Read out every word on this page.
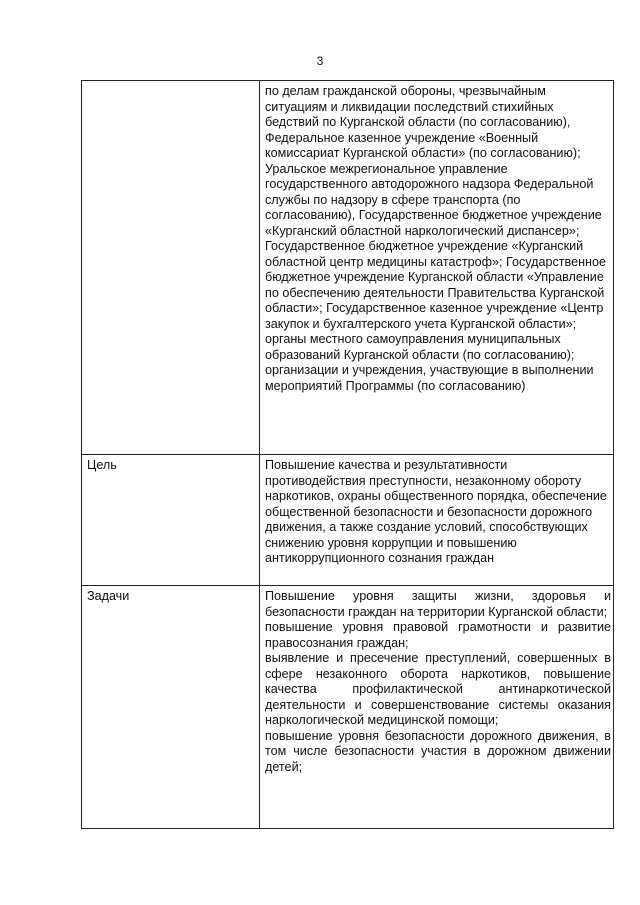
3

	по делам гражданской обороны, чрезвычайным ситуациям и ликвидации последствий стихийных бедствий по Курганской области (по согласованию), Федеральное казенное учреждение «Военный комиссариат Курганской области» (по согласованию); Уральское межрегиональное управление государственного автодорожного надзора Федеральной службы по надзору в сфере транспорта (по согласованию), Государственное бюджетное учреждение «Курганский областной наркологический диспансер»; Государственное бюджетное учреждение «Курганский областной центр медицины катастроф»; Государственное бюджетное учреждение Курганской области «Управление по обеспечению деятельности Правительства Курганской области»; Государственное казенное учреждение «Центр закупок и бухгалтерского учета Курганской области»; органы местного самоуправления муниципальных образований Курганской области (по согласованию); организации и учреждения, участвующие в выполнении мероприятий Программы (по согласованию)

Цель	Повышение качества и результативности противодействия преступности, незаконному обороту наркотиков, охраны общественного порядка, обеспечение общественной безопасности и безопасности дорожного движения, а также создание условий, способствующих снижению уровня коррупции и повышению антикоррупционного сознания граждан
Задачи	Повышение уровня защиты жизни, здоровья и безопасности граждан на территории Курганской области;

повышение уровня правовой грамотности и развитие правосознания граждан;

выявление и пресечение преступлений, совершенных в сфере незаконного оборота наркотиков, повышение качества профилактической антинаркотической деятельности и совершенствование системы оказания наркологической медицинской помощи;

повышение уровня безопасности дорожного движения, в том числе безопасности участия в дорожном движении детей;
